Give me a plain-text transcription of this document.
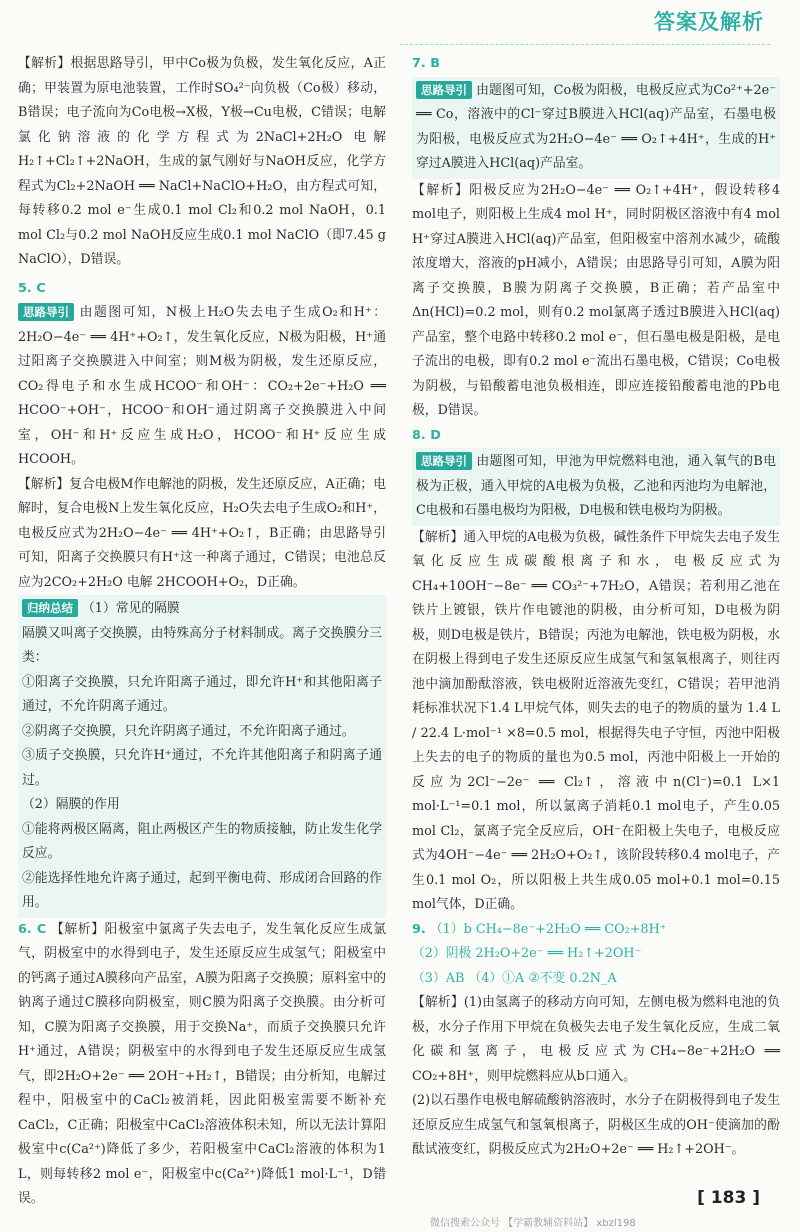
答案及解析

【解析】根据思路导引，甲中Co极为负极，发生氧化反应，A正确；甲装置为原电池装置，工作时SO₄²⁻向负极（Co极）移动，B错误；电子流向为Co电极→X极，Y极→Cu电极，C错误；电解氯化钠溶液的化学方程式为2NaCl+2H₂O 电解 H₂↑+Cl₂↑+2NaOH，生成的氯气刚好与NaOH反应，化学方程式为Cl₂+2NaOH ══ NaCl+NaClO+H₂O，由方程式可知，每转移0.2 mol e⁻生成0.1 mol Cl₂和0.2 mol NaOH，0.1 mol Cl₂与0.2 mol NaOH反应生成0.1 mol NaClO（即7.45 g NaClO），D错误。

5. C

思路导引 由题图可知，N极上H₂O失去电子生成O₂和H⁺：2H₂O−4e⁻ ══ 4H⁺+O₂↑，发生氧化反应，N极为阳极，H⁺通过阳离子交换膜进入中间室；则M极为阴极，发生还原反应，CO₂得电子和水生成HCOO⁻和OH⁻：CO₂+2e⁻+H₂O ══ HCOO⁻+OH⁻，HCOO⁻和OH⁻通过阴离子交换膜进入中间室，OH⁻和H⁺反应生成H₂O，HCOO⁻和H⁺反应生成HCOOH。

【解析】复合电极M作电解池的阴极，发生还原反应，A正确；电解时，复合电极N上发生氧化反应，H₂O失去电子生成O₂和H⁺，电极反应式为2H₂O−4e⁻ ══ 4H⁺+O₂↑，B正确；由思路导引可知，阳离子交换膜只有H⁺这一种离子通过，C错误；电池总反应为2CO₂+2H₂O 电解 2HCOOH+O₂，D正确。

归纳总结 （1）常见的隔膜

隔膜又叫离子交换膜，由特殊高分子材料制成。离子交换膜分三类：

①阳离子交换膜，只允许阳离子通过，即允许H⁺和其他阳离子通过，不允许阴离子通过。

②阴离子交换膜，只允许阴离子通过，不允许阳离子通过。

③质子交换膜，只允许H⁺通过，不允许其他阳离子和阴离子通过。

（2）隔膜的作用

①能将两极区隔离，阻止两极区产生的物质接触，防止发生化学反应。

②能选择性地允许离子通过，起到平衡电荷、形成闭合回路的作用。

6. C 【解析】阳极室中氯离子失去电子，发生氧化反应生成氯气，阴极室中的水得到电子，发生还原反应生成氢气；阳极室中的钙离子通过A膜移向产品室，A膜为阳离子交换膜；原料室中的钠离子通过C膜移向阴极室，则C膜为阳离子交换膜。由分析可知，C膜为阳离子交换膜，用于交换Na⁺，而质子交换膜只允许H⁺通过，A错误；阴极室中的水得到电子发生还原反应生成氢气，即2H₂O+2e⁻ ══ 2OH⁻+H₂↑，B错误；由分析知，电解过程中，阳极室中的CaCl₂被消耗，因此阳极室需要不断补充CaCl₂，C正确；阳极室中CaCl₂溶液体积未知，所以无法计算阳极室中c(Ca²⁺)降低了多少，若阳极室中CaCl₂溶液的体积为1 L，则每转移2 mol e⁻，阳极室中c(Ca²⁺)降低1 mol·L⁻¹，D错误。

7. B

思路导引 由题图可知，Co极为阳极，电极反应式为Co²⁺+2e⁻ ══ Co，溶液中的Cl⁻穿过B膜进入HCl(aq)产品室，石墨电极为阳极，电极反应式为2H₂O−4e⁻ ══ O₂↑+4H⁺，生成的H⁺穿过A膜进入HCl(aq)产品室。

【解析】阳极反应为2H₂O−4e⁻ ══ O₂↑+4H⁺，假设转移4 mol电子，则阳极上生成4 mol H⁺，同时阴极区溶液中有4 mol H⁺穿过A膜进入HCl(aq)产品室，但阳极室中溶剂水减少，硫酸浓度增大，溶液的pH减小，A错误；由思路导引可知，A膜为阳离子交换膜，B膜为阴离子交换膜，B正确；若产品室中Δn(HCl)=0.2 mol，则有0.2 mol氯离子透过B膜进入HCl(aq)产品室，整个电路中转移0.2 mol e⁻，但石墨电极是阳极，是电子流出的电极，即有0.2 mol e⁻流出石墨电极，C错误；Co电极为阴极，与铅酸蓄电池负极相连，即应连接铅酸蓄电池的Pb电极，D错误。

8. D

思路导引 由题图可知，甲池为甲烷燃料电池，通入氧气的B电极为正极，通入甲烷的A电极为负极，乙池和丙池均为电解池，C电极和石墨电极均为阳极，D电极和铁电极均为阴极。

【解析】通入甲烷的A电极为负极，碱性条件下甲烷失去电子发生氧化反应生成碳酸根离子和水，电极反应式为CH₄+10OH⁻−8e⁻ ══ CO₃²⁻+7H₂O，A错误；若利用乙池在铁片上镀银，铁片作电镀池的阴极，由分析可知，D电极为阴极，则D电极是铁片，B错误；丙池为电解池，铁电极为阴极，水在阴极上得到电子发生还原反应生成氢气和氢氧根离子，则往丙池中滴加酚酞溶液，铁电极附近溶液先变红，C错误；若甲池消耗标准状况下1.4 L甲烷气体，则失去的电子的物质的量为 1.4 L / 22.4 L·mol⁻¹ ×8=0.5 mol，根据得失电子守恒，丙池中阳极上失去的电子的物质的量也为0.5 mol，丙池中阳极上一开始的反应为2Cl⁻−2e⁻ ══ Cl₂↑，溶液中n(Cl⁻)=0.1 L×1 mol·L⁻¹=0.1 mol，所以氯离子消耗0.1 mol电子，产生0.05 mol Cl₂，氯离子完全反应后，OH⁻在阳极上失电子，电极反应式为4OH⁻−4e⁻ ══ 2H₂O+O₂↑，该阶段转移0.4 mol电子，产生0.1 mol O₂，所以阳极上共生成0.05 mol+0.1 mol=0.15 mol气体，D正确。

9. （1）b CH₄−8e⁻+2H₂O ══ CO₂+8H⁺

（2）阴极 2H₂O+2e⁻ ══ H₂↑+2OH⁻

（3）AB （4）①A ②不变 0.2N_A

【解析】(1)由氢离子的移动方向可知，左侧电极为燃料电池的负极，水分子作用下甲烷在负极失去电子发生氧化反应，生成二氧化碳和氢离子，电极反应式为CH₄−8e⁻+2H₂O ══ CO₂+8H⁺，则甲烷燃料应从b口通入。

(2)以石墨作电极电解硫酸钠溶液时，水分子在阴极得到电子发生还原反应生成氢气和氢氧根离子，阴极区生成的OH⁻使滴加的酚酞试液变红，阴极反应式为2H₂O+2e⁻ ══ H₂↑+2OH⁻。

[ 183 ]
微信搜索公众号 【学霸教辅资料站】 xbzl198
